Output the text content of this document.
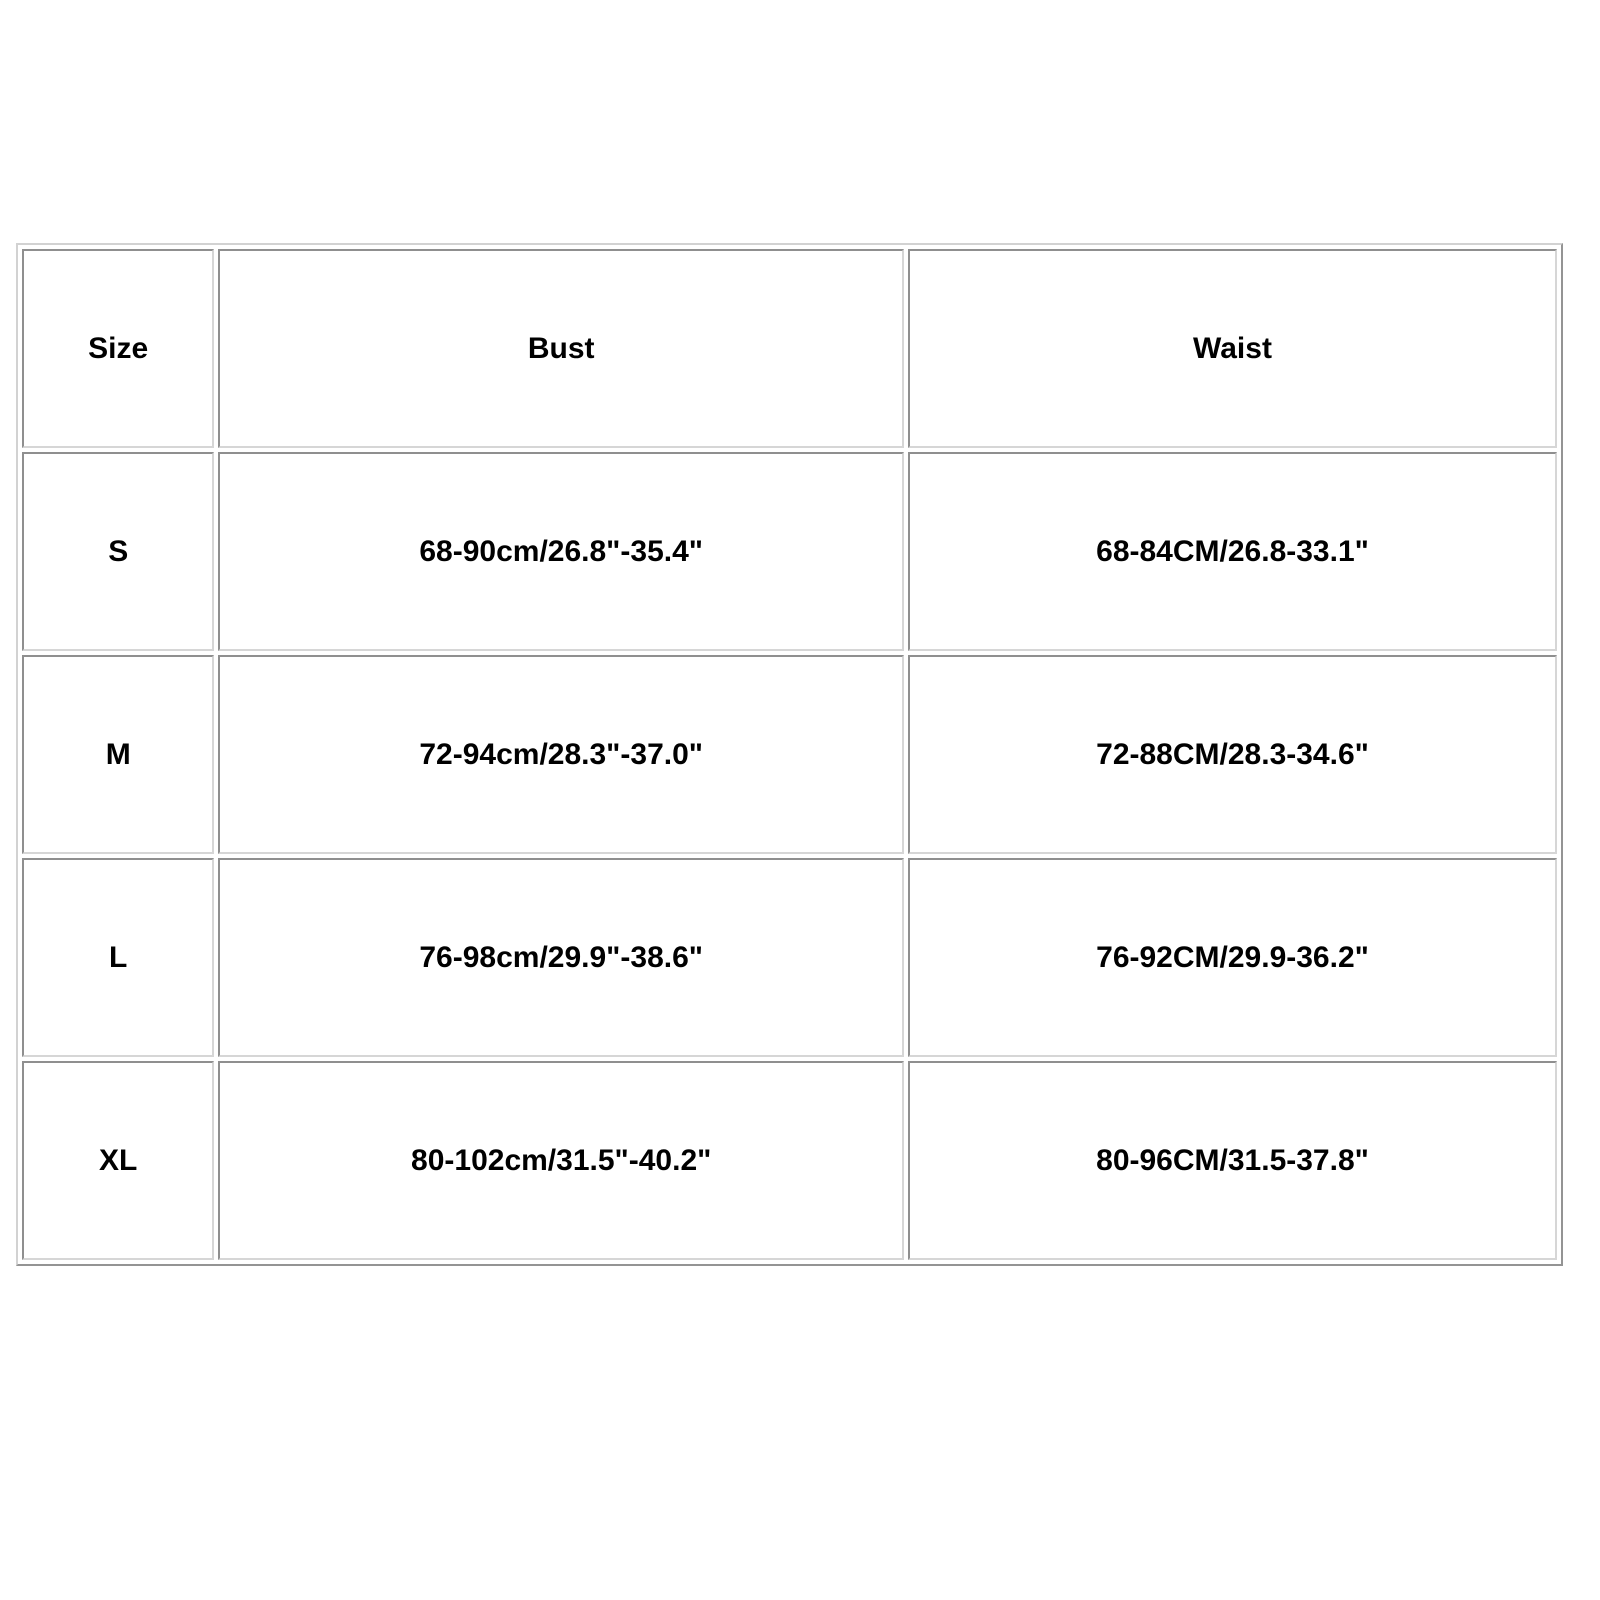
Size	Bust	Waist
S	68-90cm/26.8"-35.4"	68-84CM/26.8-33.1"
M	72-94cm/28.3"-37.0"	72-88CM/28.3-34.6"
L	76-98cm/29.9"-38.6"	76-92CM/29.9-36.2"
XL	80-102cm/31.5"-40.2"	80-96CM/31.5-37.8"
